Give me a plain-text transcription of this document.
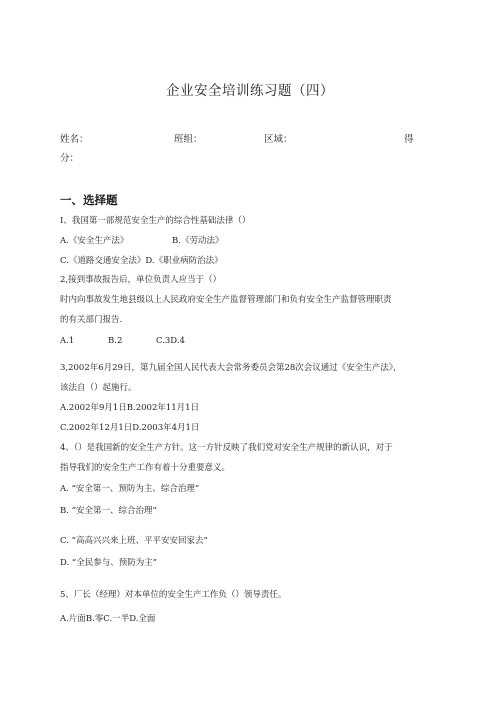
企业安全培训练习题（四）
姓名：	班组：	区域：	得
分：
一、选择题
I、我国第一部规范安全生产的综合性基础法律（）
A.《安全生产法》	B.《劳动法》
C.《道路交通安全法》D.《职业病防治法》
2,接到事故报告后，单位负责人应当于（）
时内向事故发生地县级以上人民政府安全生产监督管理部门和负有安全生产监督管理职责
的有关部门报告.
A.1	B.2	C.3D.4
3,2002年6月29日，第九届全国人民代表大会常务委员会第28次会议通过《安全生产法》，
该法自（）起施行。
A.2002年9月1日B.2002年11月1日
C.2002年12月1日D.2003年4月1日
4、（）是我国新的安全生产方针。这一方针反映了我们党对安全生产规律的新认识，对于
指导我们的安全生产工作有着十分重要意义。
A. “安全第一、预防为主、综合治理”
B. “安全第一、综合治理”
C. “高高兴兴来上班、平平安安回家去”
D. “全民参与、预防为主”
5、厂长（经理）对本单位的安全生产工作负（）领导责任。
A.片面B.零C.一半D.全面
